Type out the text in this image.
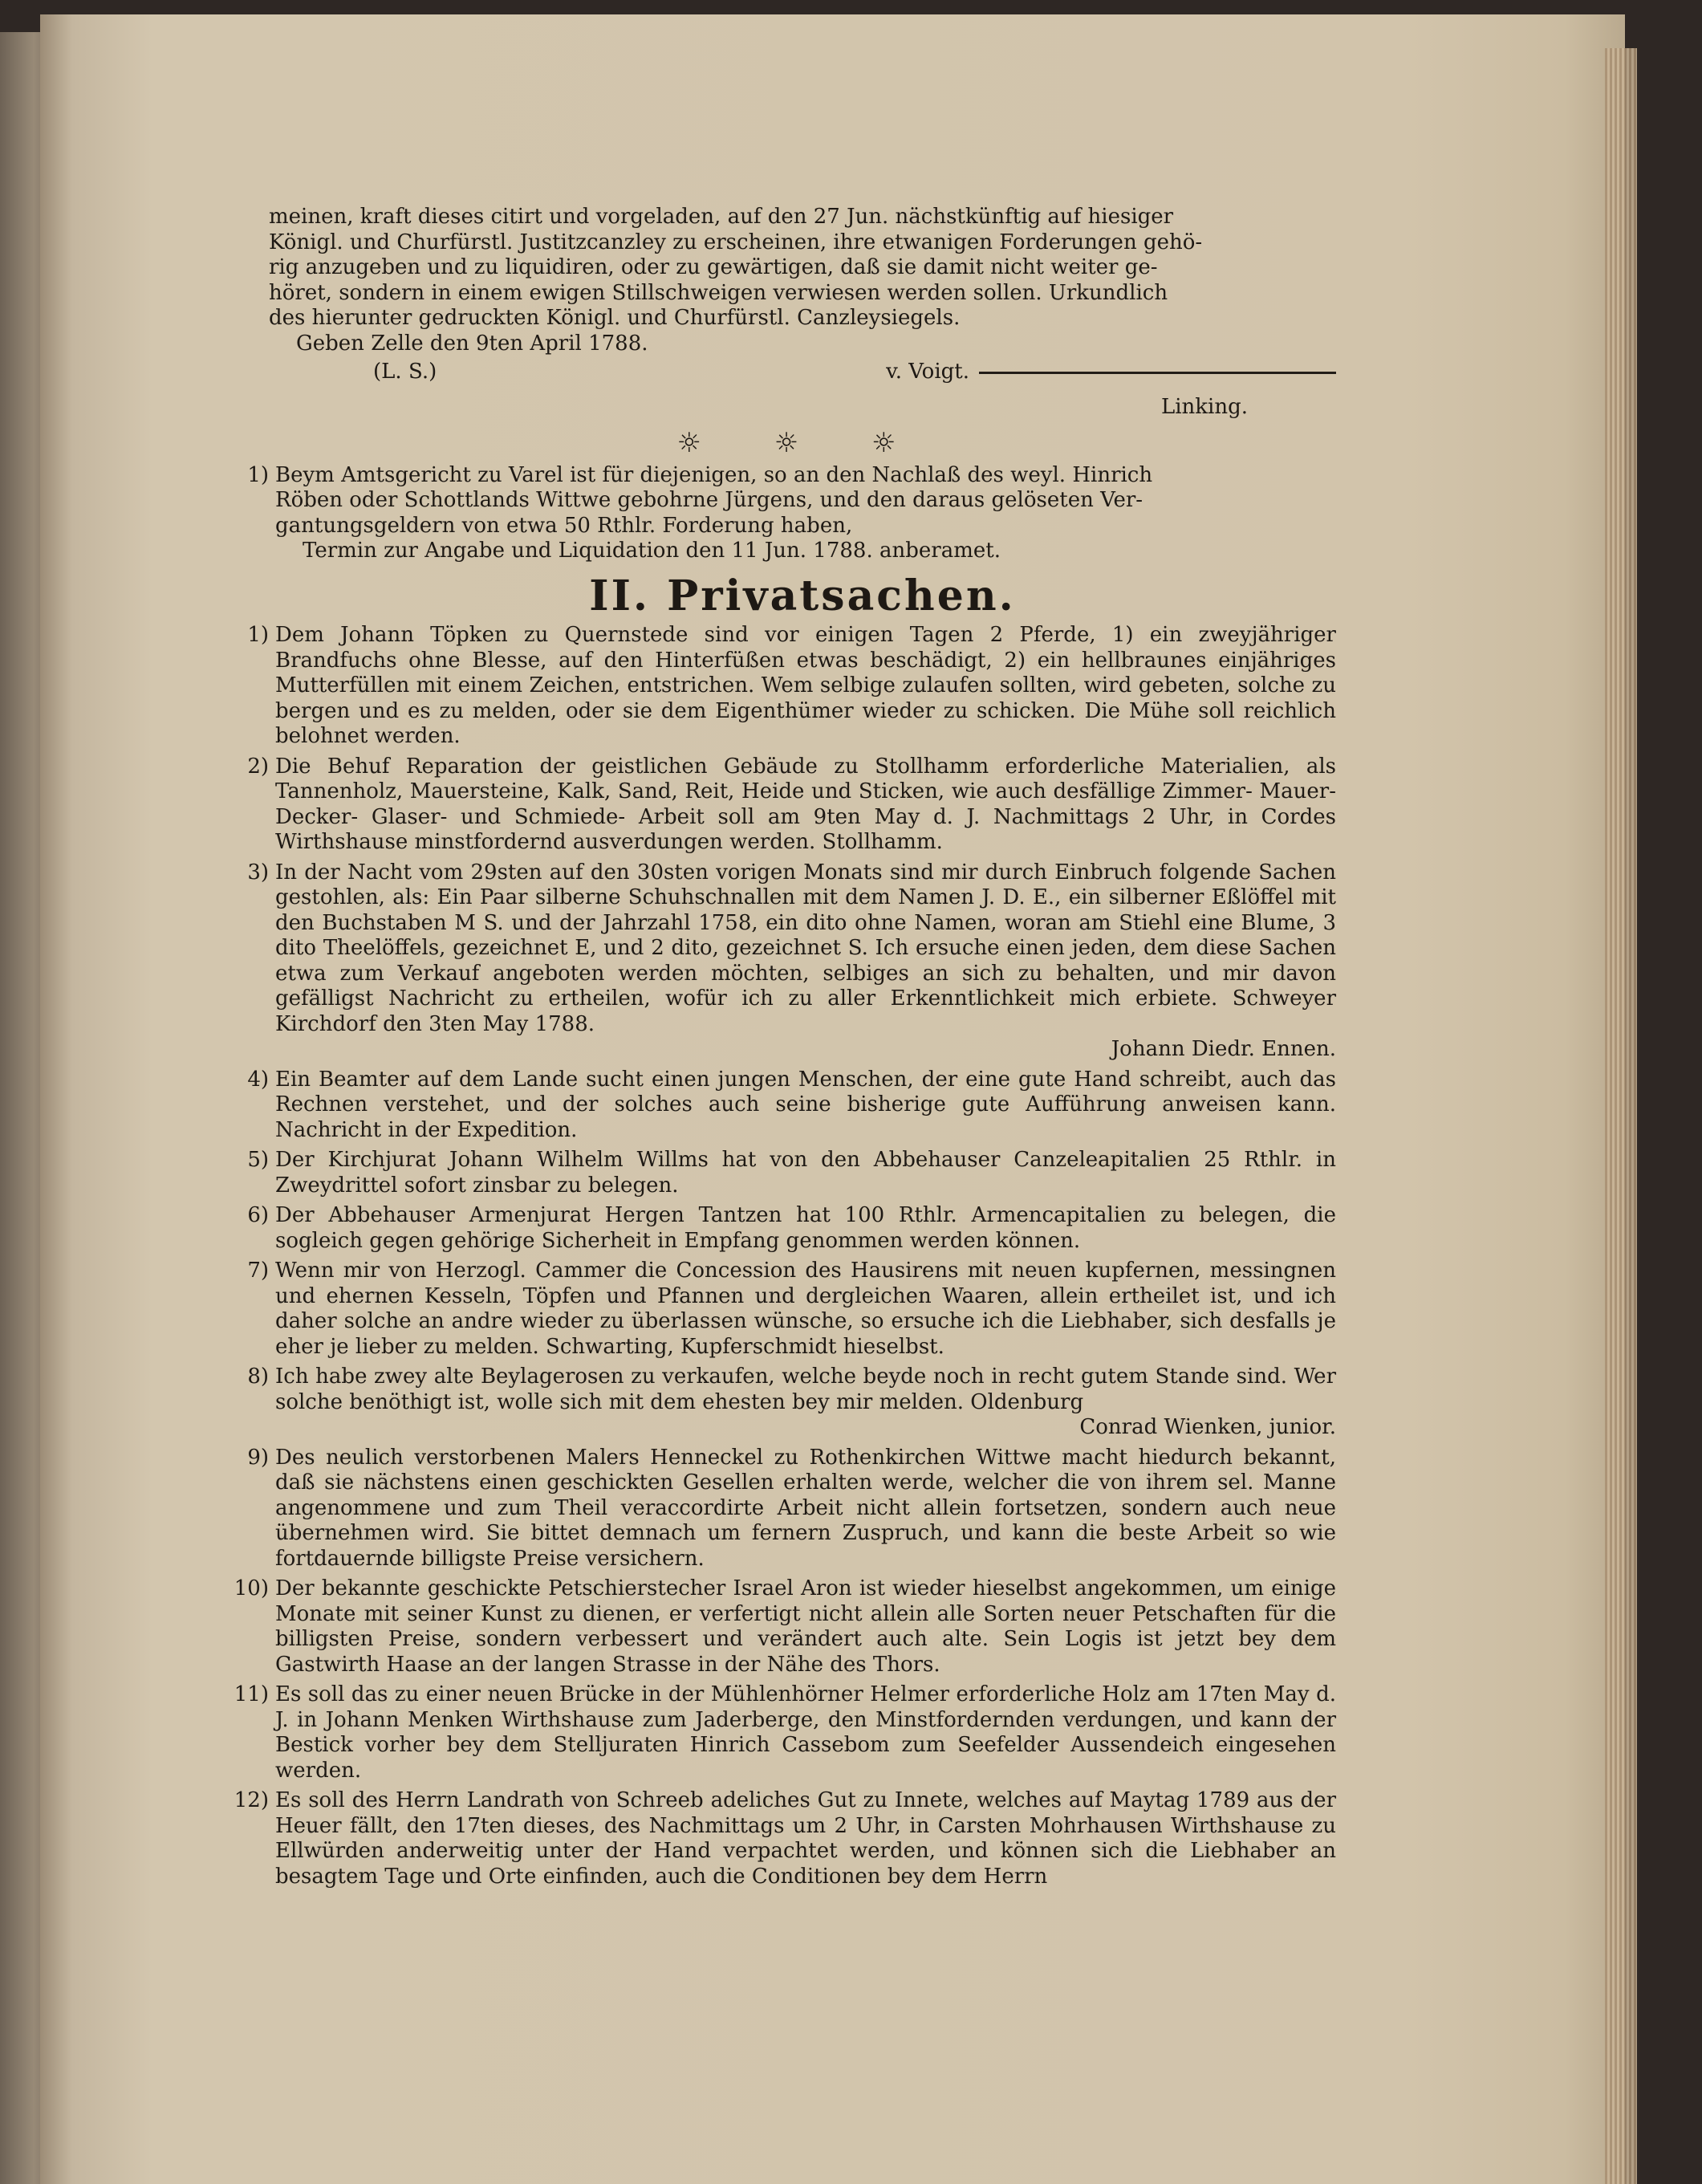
meinen, kraft dieses citirt und vorgeladen, auf den 27 Jun. nächstkünftig auf hiesiger
Königl. und Churfürstl. Justitzcanzley zu erscheinen, ihre etwanigen Forderungen gehö-
rig anzugeben und zu liquidiren, oder zu gewärtigen, daß sie damit nicht weiter ge-
höret, sondern in einem ewigen Stillschweigen verwiesen werden sollen. Urkundlich
des hierunter gedruckten Königl. und Churfürstl. Canzleysiegels.
Geben Zelle den 9ten April 1788.
(L. S.)	v. Voigt.
Linking.
☼ ☼ ☼
1) Beym Amtsgericht zu Varel ist für diejenigen, so an den Nachlaß des weyl. Hinrich
Röben oder Schottlands Wittwe gebohrne Jürgens, und den daraus gelöseten Ver-
gantungsgeldern von etwa 50 Rthlr. Forderung haben,
Termin zur Angabe und Liquidation den 11 Jun. 1788. anberamet.
II. Privatsachen.
1) Dem Johann Töpken zu Quernstede sind vor einigen Tagen 2 Pferde, 1) ein zweyjähriger Brandfuchs ohne Blesse, auf den Hinterfüßen etwas beschädigt, 2) ein hellbraunes einjähriges Mutterfüllen mit einem Zeichen, entstrichen. Wem selbige zulaufen sollten, wird gebeten, solche zu bergen und es zu melden, oder sie dem Eigenthümer wieder zu schicken. Die Mühe soll reichlich belohnet werden.
2) Die Behuf Reparation der geistlichen Gebäude zu Stollhamm erforderliche Materialien, als Tannenholz, Mauersteine, Kalk, Sand, Reit, Heide und Sticken, wie auch desfällige Zimmer- Mauer- Decker- Glaser- und Schmiede- Arbeit soll am 9ten May d. J. Nachmittags 2 Uhr, in Cordes Wirthshause minstfordernd ausverdungen werden. Stollhamm.
3) In der Nacht vom 29sten auf den 30sten vorigen Monats sind mir durch Einbruch folgende Sachen gestohlen, als: Ein Paar silberne Schuhschnallen mit dem Namen J. D. E., ein silberner Eßlöffel mit den Buchstaben M S. und der Jahrzahl 1758, ein dito ohne Namen, woran am Stiehl eine Blume, 3 dito Theelöffels, gezeichnet E, und 2 dito, gezeichnet S. Ich ersuche einen jeden, dem diese Sachen etwa zum Verkauf angeboten werden möchten, selbiges an sich zu behalten, und mir davon gefälligst Nachricht zu ertheilen, wofür ich zu aller Erkenntlichkeit mich erbiete. Schweyer Kirchdorf den 3ten May 1788.
Johann Diedr. Ennen.
4) Ein Beamter auf dem Lande sucht einen jungen Menschen, der eine gute Hand schreibt, auch das Rechnen verstehet, und der solches auch seine bisherige gute Aufführung anweisen kann. Nachricht in der Expedition.
5) Der Kirchjurat Johann Wilhelm Willms hat von den Abbehauser Canzeleapitalien 25 Rthlr. in Zweydrittel sofort zinsbar zu belegen.
6) Der Abbehauser Armenjurat Hergen Tantzen hat 100 Rthlr. Armencapitalien zu belegen, die sogleich gegen gehörige Sicherheit in Empfang genommen werden können.
7) Wenn mir von Herzogl. Cammer die Concession des Hausirens mit neuen kupfernen, messingnen und ehernen Kesseln, Töpfen und Pfannen und dergleichen Waaren, allein ertheilet ist, und ich daher solche an andre wieder zu überlassen wünsche, so ersuche ich die Liebhaber, sich desfalls je eher je lieber zu melden. Schwarting, Kupferschmidt hieselbst.
8) Ich habe zwey alte Beylagerosen zu verkaufen, welche beyde noch in recht gutem Stande sind. Wer solche benöthigt ist, wolle sich mit dem ehesten bey mir melden. Oldenburg
Conrad Wienken, junior.
9) Des neulich verstorbenen Malers Henneckel zu Rothenkirchen Wittwe macht hiedurch bekannt, daß sie nächstens einen geschickten Gesellen erhalten werde, welcher die von ihrem sel. Manne angenommene und zum Theil veraccordirte Arbeit nicht allein fortsetzen, sondern auch neue übernehmen wird. Sie bittet demnach um fernern Zuspruch, und kann die beste Arbeit so wie fortdauernde billigste Preise versichern.
10) Der bekannte geschickte Petschierstecher Israel Aron ist wieder hieselbst angekommen, um einige Monate mit seiner Kunst zu dienen, er verfertigt nicht allein alle Sorten neuer Petschaften für die billigsten Preise, sondern verbessert und verändert auch alte. Sein Logis ist jetzt bey dem Gastwirth Haase an der langen Strasse in der Nähe des Thors.
11) Es soll das zu einer neuen Brücke in der Mühlenhörner Helmer erforderliche Holz am 17ten May d. J. in Johann Menken Wirthshause zum Jaderberge, den Minstfordernden verdungen, und kann der Bestick vorher bey dem Stelljuraten Hinrich Cassebom zum Seefelder Aussendeich eingesehen werden.
12) Es soll des Herrn Landrath von Schreeb adeliches Gut zu Innete, welches auf Maytag 1789 aus der Heuer fällt, den 17ten dieses, des Nachmittags um 2 Uhr, in Carsten Mohrhausen Wirthshause zu Ellwürden anderweitig unter der Hand verpachtet werden, und können sich die Liebhaber an besagtem Tage und Orte einfinden, auch die Conditionen bey dem Herrn
